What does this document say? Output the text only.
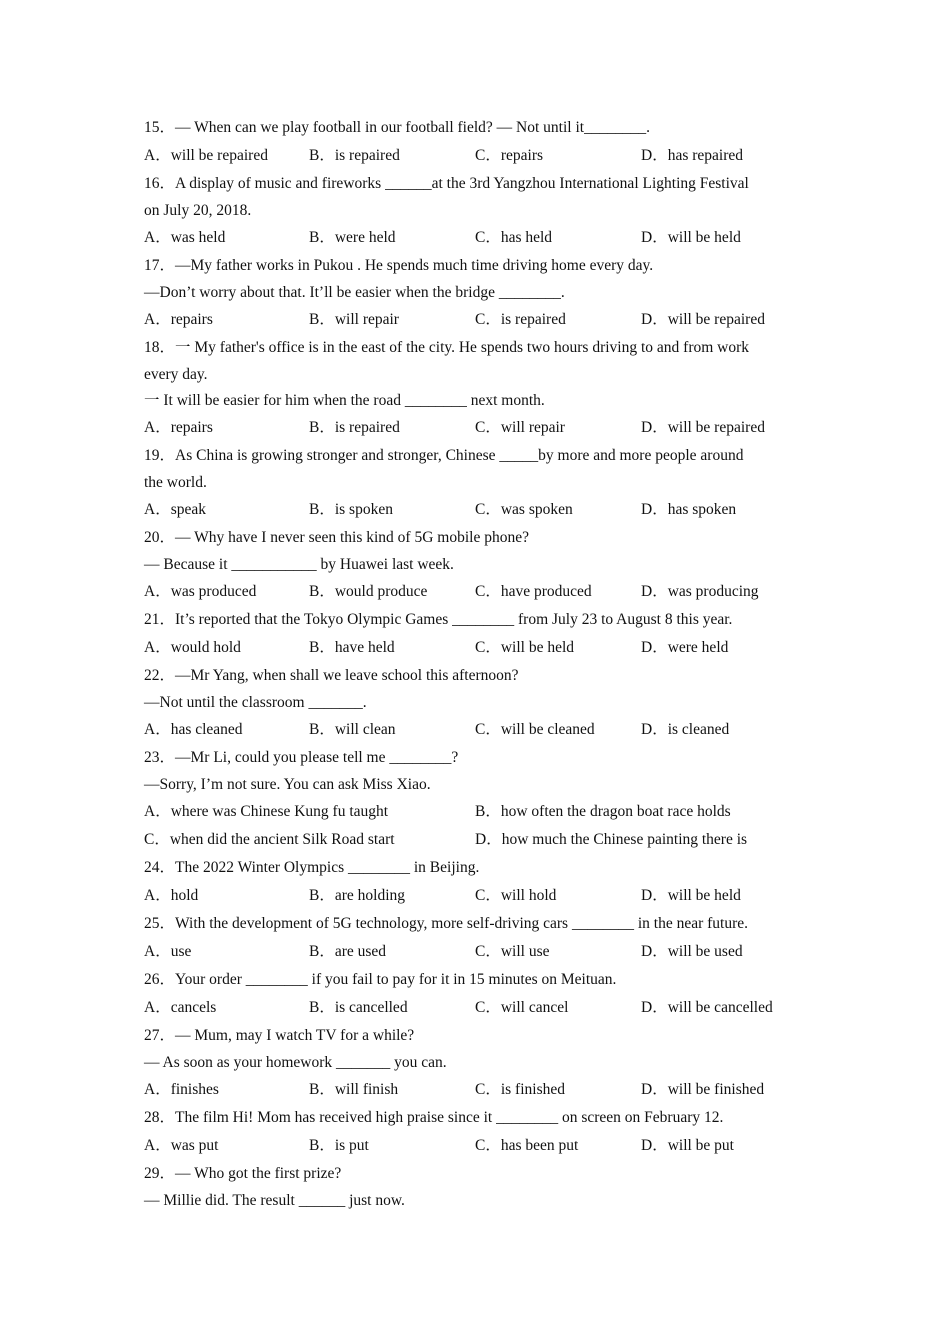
15．— When can we play football in our football field? — Not until it________.
A．will be repaired	B．is repaired	C．repairs	D．has repaired
16．A display of music and fireworks ______at the 3rd Yangzhou International Lighting Festival
on July 20, 2018.
A．was held	B．were held	C．has held	D．will be held
17．—My father works in Pukou . He spends much time driving home every day.
—Don’t worry about that. It’ll be easier when the bridge ________.
A．repairs	B．will repair	C．is repaired	D．will be repaired
18．一 My father's office is in the east of the city. He spends two hours driving to and from work
every day.
一 It will be easier for him when the road ________ next month.
A．repairs	B．is repaired	C．will repair	D．will be repaired
19．As China is growing stronger and stronger, Chinese _____by more and more people around
the world.
A．speak	B．is spoken	C．was spoken	D．has spoken
20．— Why have I never seen this kind of 5G mobile phone?
— Because it ___________ by Huawei last week.
A．was produced	B．would produce	C．have produced	D．was producing
21．It’s reported that the Tokyo Olympic Games ________ from July 23 to August 8 this year.
A．would hold	B．have held	C．will be held	D．were held
22．—Mr Yang, when shall we leave school this afternoon?
—Not until the classroom _______.
A．has cleaned	B．will clean	C．will be cleaned	D．is cleaned
23．—Mr Li, could you please tell me ________?
—Sorry, I’m not sure. You can ask Miss Xiao.
A．where was Chinese Kung fu taught	B．how often the dragon boat race holds
C．when did the ancient Silk Road start	D．how much the Chinese painting there is
24．The 2022 Winter Olympics ________ in Beijing.
A．hold	B．are holding	C．will hold	D．will be held
25．With the development of 5G technology, more self-driving cars ________ in the near future.
A．use	B．are used	C．will use	D．will be used
26．Your order ________ if you fail to pay for it in 15 minutes on Meituan.
A．cancels	B．is cancelled	C．will cancel	D．will be cancelled
27．— Mum, may I watch TV for a while?
— As soon as your homework _______ you can.
A．finishes	B．will finish	C．is finished	D．will be finished
28．The film Hi! Mom has received high praise since it ________ on screen on February 12.
A．was put	B．is put	C．has been put	D．will be put
29．— Who got the first prize?
— Millie did. The result ______ just now.
